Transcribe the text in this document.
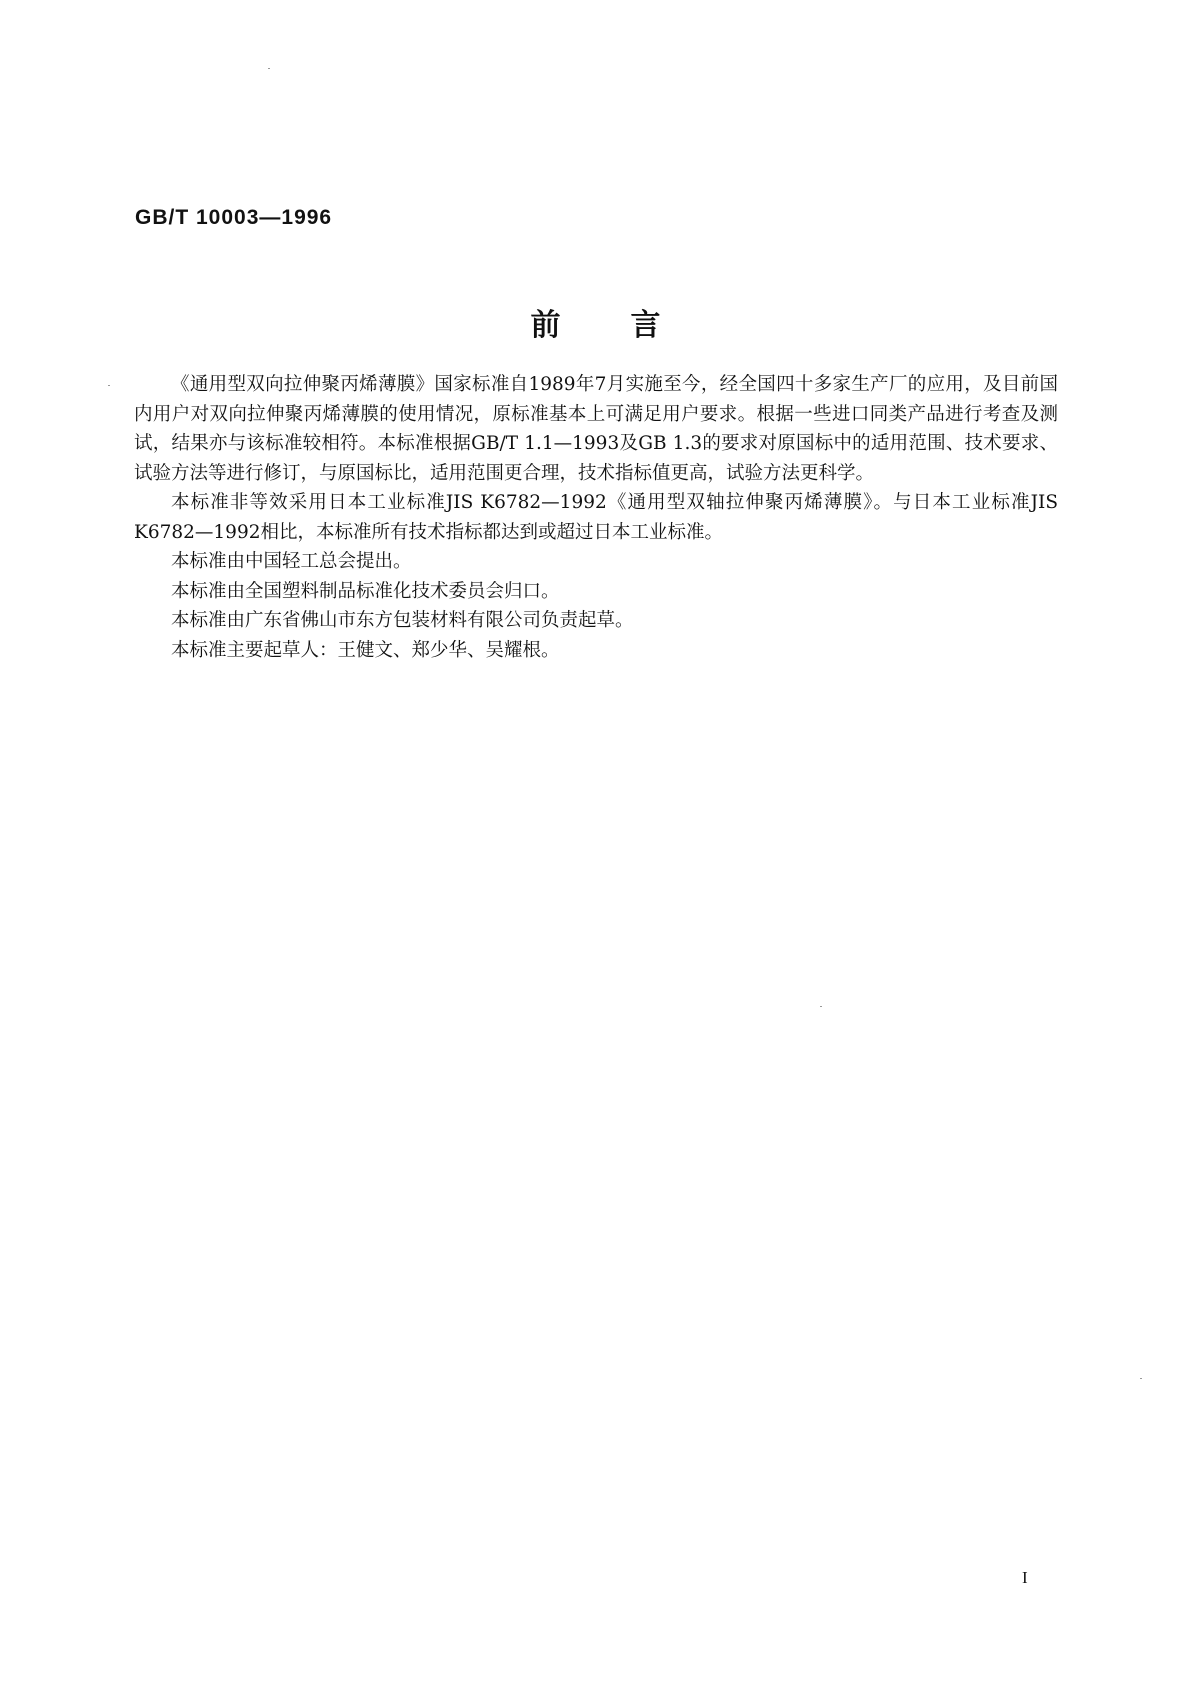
GB/T 10003—1996
前言

《通用型双向拉伸聚丙烯薄膜》国家标准自1989年7月实施至今，经全国四十多家生产厂的应用，及目前国内用户对双向拉伸聚丙烯薄膜的使用情况，原标准基本上可满足用户要求。根据一些进口同类产品进行考查及测试，结果亦与该标准较相符。本标准根据GB/T 1.1—1993及GB 1.3的要求对原国标中的适用范围、技术要求、试验方法等进行修订，与原国标比，适用范围更合理，技术指标值更高，试验方法更科学。

本标准非等效采用日本工业标准JIS K6782—1992《通用型双轴拉伸聚丙烯薄膜》。与日本工业标准JIS K6782—1992相比，本标准所有技术指标都达到或超过日本工业标准。

本标准由中国轻工总会提出。

本标准由全国塑料制品标准化技术委员会归口。

本标准由广东省佛山市东方包装材料有限公司负责起草。

本标准主要起草人：王健文、郑少华、吴耀根。

I
